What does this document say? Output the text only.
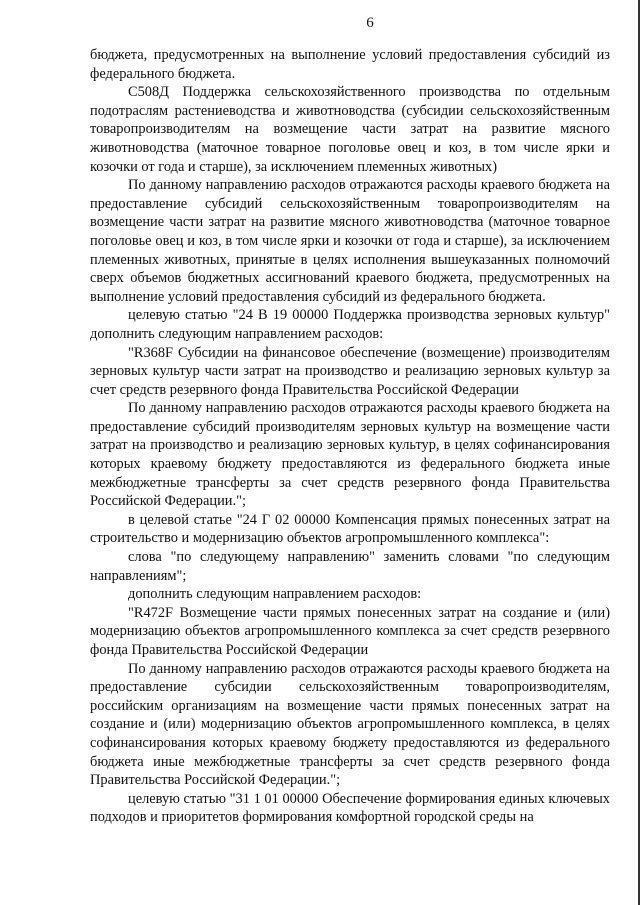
6

бюджета, предусмотренных на выполнение условий предоставления субсидий из федерального бюджета.

С508Д Поддержка сельскохозяйственного производства по отдельным подотраслям растениеводства и животноводства (субсидии сельскохозяйственным товаропроизводителям на возмещение части затрат на развитие мясного животноводства (маточное товарное поголовье овец и коз, в том числе ярки и козочки от года и старше), за исключением племенных животных)

По данному направлению расходов отражаются расходы краевого бюджета на предоставление субсидий сельскохозяйственным товаропроизводителям на возмещение части затрат на развитие мясного животноводства (маточное товарное поголовье овец и коз, в том числе ярки и козочки от года и старше), за исключением племенных животных, принятые в целях исполнения вышеуказанных полномочий сверх объемов бюджетных ассигнований краевого бюджета, предусмотренных на выполнение условий предоставления субсидий из федерального бюджета.

целевую статью "24 В 19 00000 Поддержка производства зерновых культур" дополнить следующим направлением расходов:

"R368F Субсидии на финансовое обеспечение (возмещение) производителям зерновых культур части затрат на производство и реализацию зерновых культур за счет средств резервного фонда Правительства Российской Федерации

По данному направлению расходов отражаются расходы краевого бюджета на предоставление субсидий производителям зерновых культур на возмещение части затрат на производство и реализацию зерновых культур, в целях софинансирования которых краевому бюджету предоставляются из федерального бюджета иные межбюджетные трансферты за счет средств резервного фонда Правительства Российской Федерации.";

в целевой статье "24 Г 02 00000 Компенсация прямых понесенных затрат на строительство и модернизацию объектов агропромышленного комплекса":

слова "по следующему направлению" заменить словами "по следующим направлениям";

дополнить следующим направлением расходов:

"R472F Возмещение части прямых понесенных затрат на создание и (или) модернизацию объектов агропромышленного комплекса за счет средств резервного фонда Правительства Российской Федерации

По данному направлению расходов отражаются расходы краевого бюджета на предоставление субсидии сельскохозяйственным товаропроизводителям, российским организациям на возмещение части прямых понесенных затрат на создание и (или) модернизацию объектов агропромышленного комплекса, в целях софинансирования которых краевому бюджету предоставляются из федерального бюджета иные межбюджетные трансферты за счет средств резервного фонда Правительства Российской Федерации.";

целевую статью "31 1 01 00000 Обеспечение формирования единых ключевых подходов и приоритетов формирования комфортной городской среды на
